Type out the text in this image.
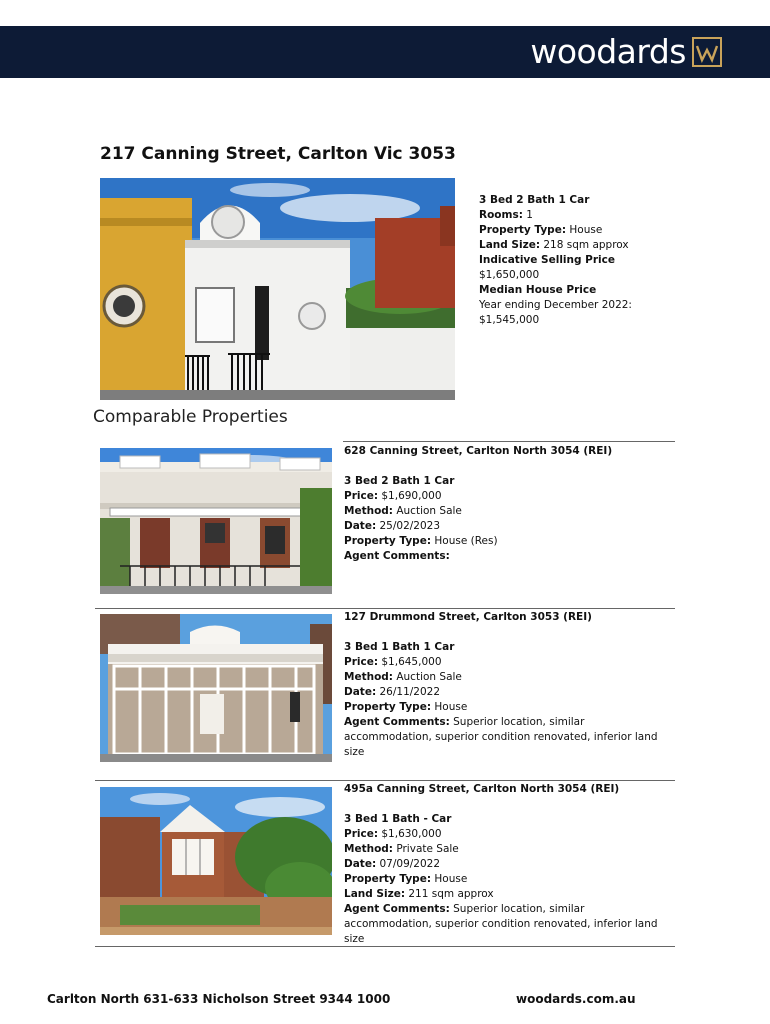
woodards
217 Canning Street, Carlton Vic 3053
3 Bed 2 Bath 1 Car
Rooms: 1
Property Type: House
Land Size: 218 sqm approx
Indicative Selling Price
$1,650,000
Median House Price
Year ending December 2022:
$1,545,000
Comparable Properties
628 Canning Street, Carlton North 3054 (REI)
3 Bed 2 Bath 1 Car
Price: $1,690,000
Method: Auction Sale
Date: 25/02/2023
Property Type: House (Res)
Agent Comments:
127 Drummond Street, Carlton 3053 (REI)
3 Bed 1 Bath 1 Car
Price: $1,645,000
Method: Auction Sale
Date: 26/11/2022
Property Type: House
Agent Comments: Superior location, similar accommodation, superior condition renovated, inferior land size
495a Canning Street, Carlton North 3054 (REI)
3 Bed 1 Bath - Car
Price: $1,630,000
Method: Private Sale
Date: 07/09/2022
Property Type: House
Land Size: 211 sqm approx
Agent Comments: Superior location, similar accommodation, superior condition renovated, inferior land size
Carlton North 631-633 Nicholson Street 9344 1000	woodards.com.au
